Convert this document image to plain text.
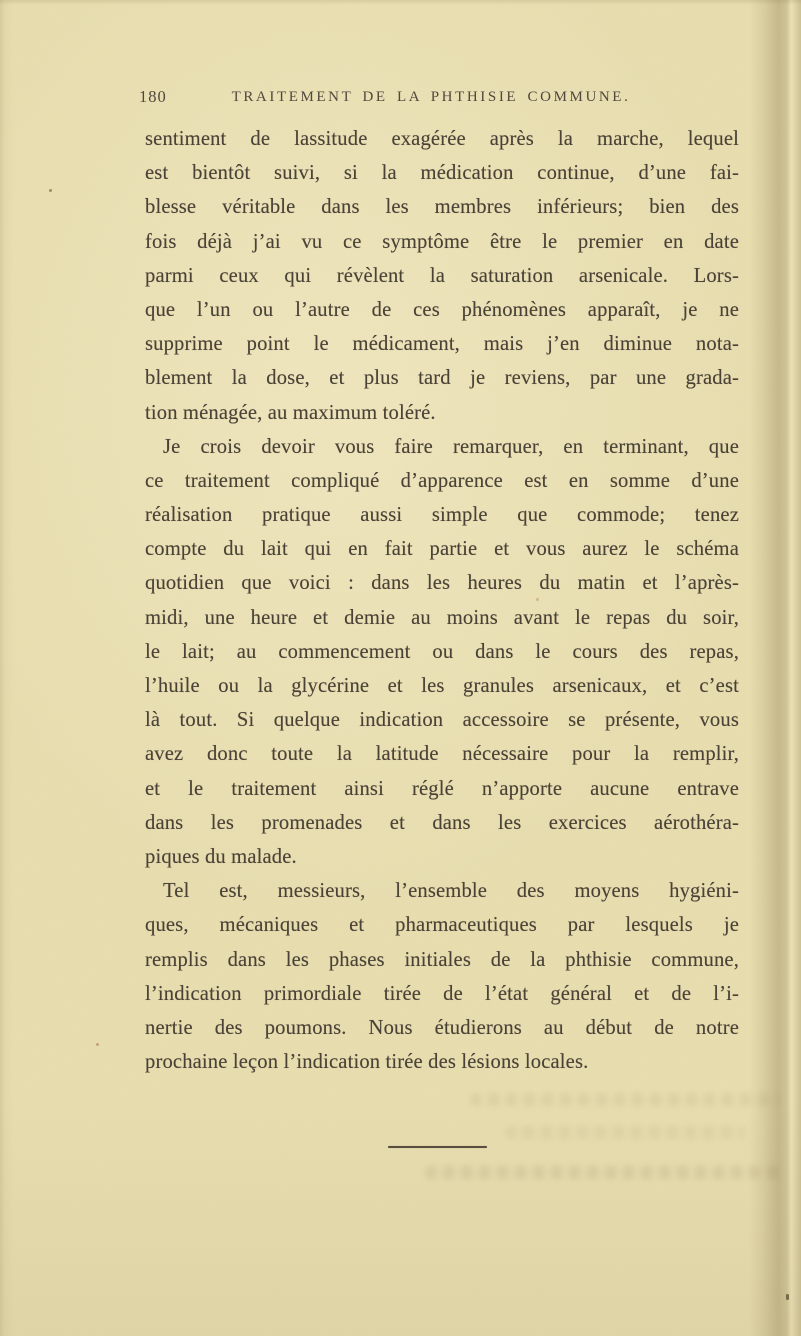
180	TRAITEMENT DE LA PHTHISIE COMMUNE.
sentiment de lassitude exagérée après la marche, lequel
est bientôt suivi, si la médication continue, d’une fai-
blesse véritable dans les membres inférieurs; bien des
fois déjà j’ai vu ce symptôme être le premier en date
parmi ceux qui révèlent la saturation arsenicale. Lors-
que l’un ou l’autre de ces phénomènes apparaît, je ne
supprime point le médicament, mais j’en diminue nota-
blement la dose, et plus tard je reviens, par une grada-
tion ménagée, au maximum toléré.
Je crois devoir vous faire remarquer, en terminant, que
ce traitement compliqué d’apparence est en somme d’une
réalisation pratique aussi simple que commode; tenez
compte du lait qui en fait partie et vous aurez le schéma
quotidien que voici : dans les heures du matin et l’après-
midi, une heure et demie au moins avant le repas du soir,
le lait; au commencement ou dans le cours des repas,
l’huile ou la glycérine et les granules arsenicaux, et c’est
là tout. Si quelque indication accessoire se présente, vous
avez donc toute la latitude nécessaire pour la remplir,
et le traitement ainsi réglé n’apporte aucune entrave
dans les promenades et dans les exercices aérothéra-
piques du malade.
Tel est, messieurs, l’ensemble des moyens hygiéni-
ques, mécaniques et pharmaceutiques par lesquels je
remplis dans les phases initiales de la phthisie commune,
l’indication primordiale tirée de l’état général et de l’i-
nertie des poumons. Nous étudierons au début de notre
prochaine leçon l’indication tirée des lésions locales.
